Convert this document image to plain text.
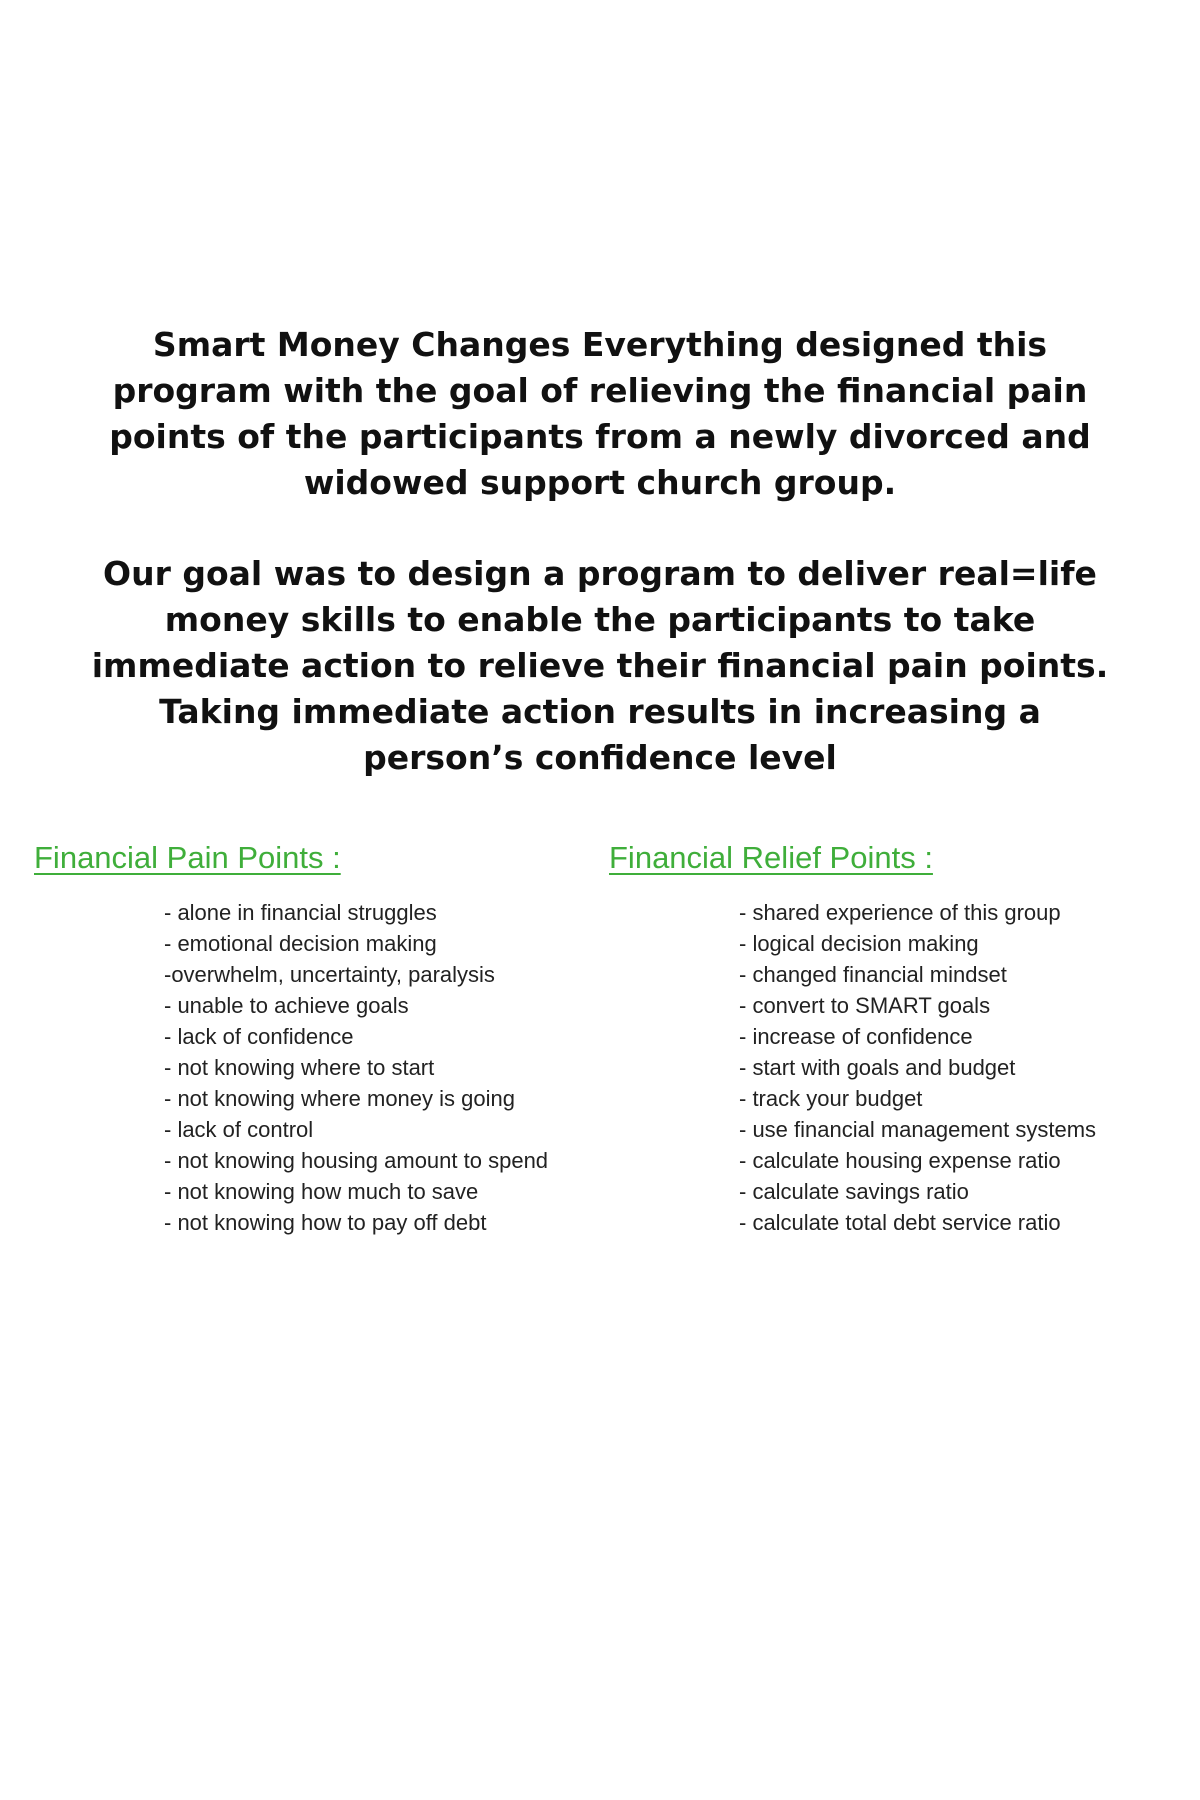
Smart Money Changes Everything designed this program with the goal of relieving the financial pain points of the participants from a newly divorced and widowed support church group.

Our goal was to design a program to deliver real=life money skills to enable the participants to take immediate action to relieve their financial pain points. Taking immediate action results in increasing a person’s confidence level

Financial Pain Points :	Financial Relief Points :
- alone in financial struggles
- emotional decision making
-overwhelm, uncertainty, paralysis
- unable to achieve goals
- lack of confidence
- not knowing where to start
- not knowing where money is going
- lack of control
- not knowing housing amount to spend
- not knowing how much to save
- not knowing how to pay off debt
- shared experience of this group
- logical decision making
- changed financial mindset
- convert to SMART goals
- increase of confidence
- start with goals and budget
- track your budget
- use financial management systems
- calculate housing expense ratio
- calculate savings ratio
- calculate total debt service ratio
